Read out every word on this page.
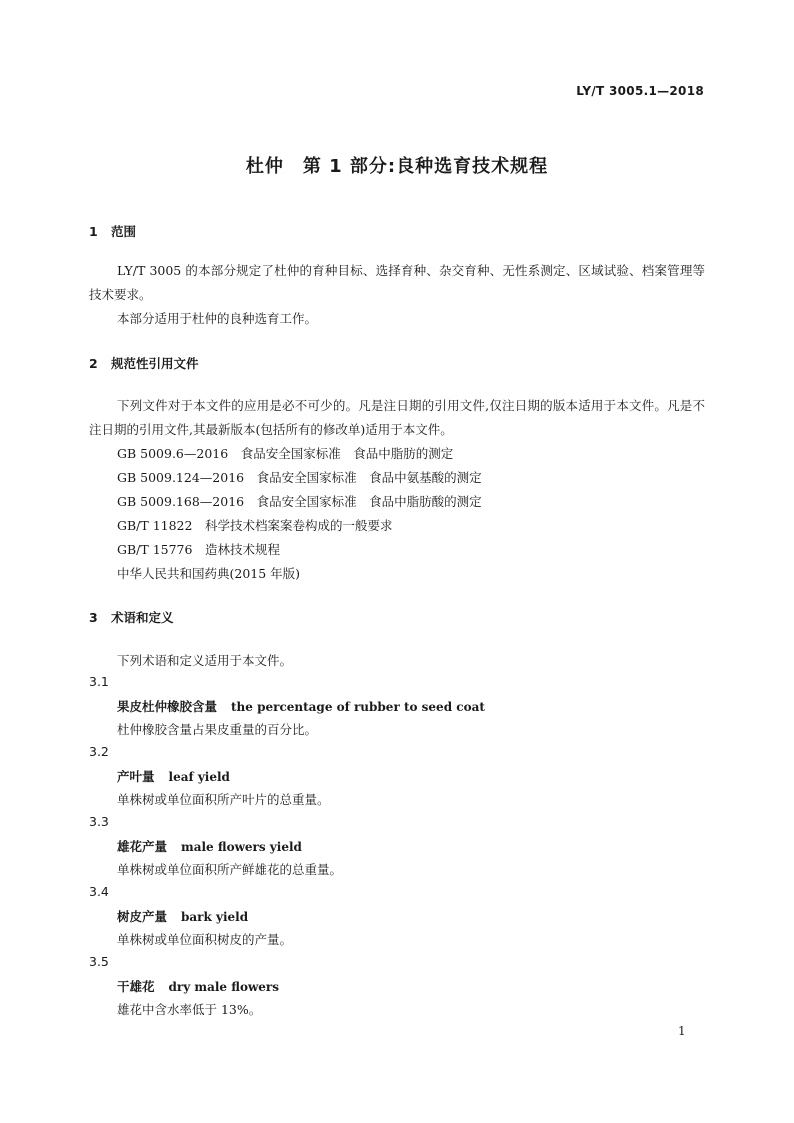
LY/T 3005.1—2018
杜仲　第 1 部分:良种选育技术规程
1 范围
LY/T 3005 的本部分规定了杜仲的育种目标、选择育种、杂交育种、无性系测定、区域试验、档案管理等技术要求。
本部分适用于杜仲的良种选育工作。
2 规范性引用文件
下列文件对于本文件的应用是必不可少的。凡是注日期的引用文件,仅注日期的版本适用于本文件。凡是不注日期的引用文件,其最新版本(包括所有的修改单)适用于本文件。
GB 5009.6—2016　食品安全国家标准　食品中脂肪的测定
GB 5009.124—2016　食品安全国家标准　食品中氨基酸的测定
GB 5009.168—2016　食品安全国家标准　食品中脂肪酸的测定
GB/T 11822　科学技术档案案卷构成的一般要求
GB/T 15776　造林技术规程
中华人民共和国药典(2015 年版)
3 术语和定义
下列术语和定义适用于本文件。
3.1
果皮杜仲橡胶含量 the percentage of rubber to seed coat
杜仲橡胶含量占果皮重量的百分比。
3.2
产叶量 leaf yield
单株树或单位面积所产叶片的总重量。
3.3
雄花产量 male flowers yield
单株树或单位面积所产鲜雄花的总重量。
3.4
树皮产量 bark yield
单株树或单位面积树皮的产量。
3.5
干雄花 dry male flowers
雄花中含水率低于 13%。
1
